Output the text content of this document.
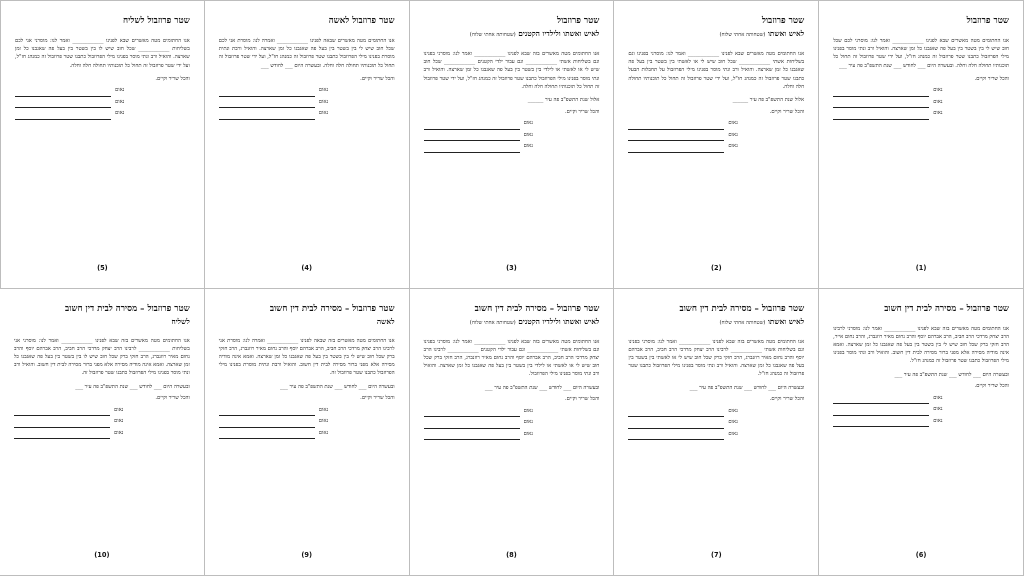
שטר פרוזבול לשליח
אנו החתומים מטה מאשרים שבא לפנינו ____________ ואמר לנו: מוסרני אני לכם בשליחות ____________ שכל חוב שיש לו בין בשטר בין בעל פה שאגבנו כל זמן שארצה. והואיל ורב ונתי מוסר בפנינו מילי הפרוזבול כתבנו שטר פרוזבול זה כמנהג חז"ל, ועל ידי שטר פרוזבול זה תחול כל תוכנותיו תחולה חלה וחלה.
והכל שריר וקיים.
נאום
נאום
נאום
(5)
שטר פרוזבול לאשה
אנו החתומים מטה מאשרים שבאה לפנינו ____________ ואמרה לנו: מוסרת אני לכם שכל חוב שיש לי בין בשטר בין בעל פה שאגבנו כל זמן שארצה. והואיל ורבת ונתית מוסרת בפנינו מילי הפרוזבול כתבנו שטר פרוזבול זה כמנהג חז"ל, ועל ידי שטר פרוזבול זה תחול כל תוכנותיו תחולה חלה וחלה. ובעשרה היום ___ לחודש ___
והכל שריר וקיים.
נאום
נאום
נאום
(4)
שטר פרוזבול
לאיש ואשתו ולילדיו הקטנים (שטחותה אחתי שלוח)
אנו החתומים מטה מאשרים בזה שבא לפנינו ____________ ואמר לנו: מוסרני בפנינו וגם בשליחות אשתי ____________ וגם עבור ילדי הקטנים ____________ שכל חוב שיש לי או לאשתי או לילדי בין בשטר בין בעל פה שאגבנו כל זמן שארצה. והואיל ורב ונתי מוסר בפנינו מילי הפרוזבול כתבנו שטר פרוזבול זה כמנהג חז"ל, ועל ידי שטר פרוזבול זה תחול כל תוכנותיו תחולה חלה וחלה.
אלול שנת התשפ"ב פה עיר ______
והכל שריר וקיים.
נאום
נאום
נאום
(3)
שטר פרוזבול
לאיש ואשתו (שטחותה אחתי שלוח)
אנו החתומים מטה מאשרים שבא לפנינו ____________ ואמר לנו: מוסרני בפנינו וגם בשליחות אשתי ____________ שכל חוב שיש לי או לאשתי בין בשטר בין בעל פה שאגבנו כל זמן שארצה. והואיל ורב ונתי מוסר בפנינו מילי הפרוזבול על תחבלות הבעל כתבנו שטר פרוזבול זה כמנהג חז"ל, ועל ידי שטר פרוזבול זה תחול כל תוכנותיו תחולה חלה וחלה.
אלול שנת התשפ"ב פה עיר ______
והכל שריר וקיים.
נאום
נאום
נאום
(2)
שטר פרוזבול
אנו החתומים מטה מאשרים שבא לפנינו ____________ ואמר לנו: מוסרני לכם שכל חוב שיש לי בין בשטר בין בעל פה שאגבנו כל זמן שארצה. והואיל ורב ונתי מוסר בפנינו מילי הפרוזבול כתבנו שטר פרוזבול זה כמנהג חז"ל, ועל ידי שטר פרוזבול זה תחול כל תוכנותיו תחולה חלה וחלה. ובעשרה היום ___ לחודש ___ שנת התשפ"ב פה עיר ___
והכל שריר וקיים.
נאום
נאום
נאום
(1)
שטר פרוזבול – מסירה לבית דין חשוב
לשליח
אנו החתומים מטה מאשרים בזה שבא לפנינו ____________ ואמר לנו: מוסרני אני בשליחות ____________ לרבינו הרב יצחק מרדכי הרב חביב, הרב אברהם יוסף והרב נחום מאיר רוזנברג, הרב חזקי ברק שכל חוב שיש לו בין בשטר בין בעל פה שאגבנו כל זמן שארצה. ואמא אינה מודיה מסירה אלא מפני ברור מסירה לבית דין חשוב. והואיל ורב ונתי מוסר בפנינו מילי הפרוזבול כתבנו שטר פרוזבול זה.
ובעשרה היום ___ לחודש ___ שנת התשפ"ב פה עיר ___
והכל שריר וקיים.
נאום
נאום
נאום
(10)
שטר פרוזבול – מסירה לבית דין חשוב
לאשה
אנו החתומים מטה מאשרים בזה שבאה לפנינו ____________ ואמרה לנו: מוסרת אני לרבינו הרב יצחק מרדכי הרב חביב, הרב אברהם יוסף והרב נחום מאיר רוזנברג, הרב חזקי ברק שכל חוב שיש לי בין בשטר בין בעל פה שאגבנו כל זמן שארצה. ואמא אינה מודיה מסירה אלא מפני ברור מסירה לבית דין חשוב. והואיל ורבת ונתית מוסרת בפנינו מילי הפרוזבול כתבנו שטר פרוזבול זה.
ובעשרה היום ___ לחודש ___ שנת התשפ"ב פה עיר ___
והכל שריר וקיים.
נאום
נאום
נאום
(9)
שטר פרוזבול – מסירה לבית דין חשוב
לאיש ואשתו ולילדיו הקטנים (שטחותה אחתי שלוח)
אנו החתומים מטה מאשרים בזה שבא לפנינו ____________ ואמר לנו: מוסרני בפנינו וגם בשליחות אשתי ____________ וגם עבור ילדי הקטנים ____________ לרבינו הרב יצחק מרדכי הרב חביב, הרב אברהם יוסף והרב נחום מאיר רוזנברג, הרב חזקי ברק שכל חוב שיש לי או לאשתי או לילדי בין בשטר בין בעל פה שאגבנו כל זמן שארצה. והואיל ורב ונתי מוסר בפנינו מילי הפרוזבול.
ובעשרה היום ___ לחודש ___ שנת התשפ"ב פה עיר ___
והכל שריר וקיים.
נאום
נאום
נאום
(8)
שטר פרוזבול – מסירה לבית דין חשוב
לאיש ואשתו (שטחותה אחתי שלוח)
אנו החתומים מטה מאשרים בזה שבא לפנינו ____________ ואמר לנו: מוסרני בפנינו וגם בשליחות אשתי ____________ לרבינו הרב יצחק מרדכי הרב חביב, הרב אברהם יוסף והרב נחום מאיר רוזנברג, הרב חזקי ברק שכל חוב שיש לי או לאשתי בין בשטר בין בעל פה שאגבנו כל זמן שארצה. והואיל ורב ונתי מוסר בפנינו מילי הפרוזבול כתבנו שטר פרוזבול זה כמנהג חז"ל.
ובעשרה היום ___ לחודש ___ שנת התשפ"ב פה עיר ___
והכל שריר וקיים.
נאום
נאום
נאום
(7)
שטר פרוזבול – מסירה לבית דין חשוב
אנו החתומים מטה מאשרים בזה שבא לפנינו ____________ ואמר לנו: מוסרני לרבינו הרב יצחק מרדכי הרב חביב, הרב אברהם יוסף והרב נחום מאיר רוזנברג, והרב נחום אייר, הרב חזקי ברק שכל חוב שיש לי בין בשטר בין בעל פה שאגבנו כל זמן שארצה. ואמא אינה מודיה מסירה אלא מפני ברור מסירה לבית דין חשוב. והואיל ורב ונתי מוסר בפנינו מילי הפרוזבול כתבנו שטר פרוזבול זה כמנהג חז"ל.
ובעשרה היום ___ לחודש ___ שנת התשפ"ב פה עיר ___
והכל שריר וקיים.
נאום
נאום
נאום
(6)
